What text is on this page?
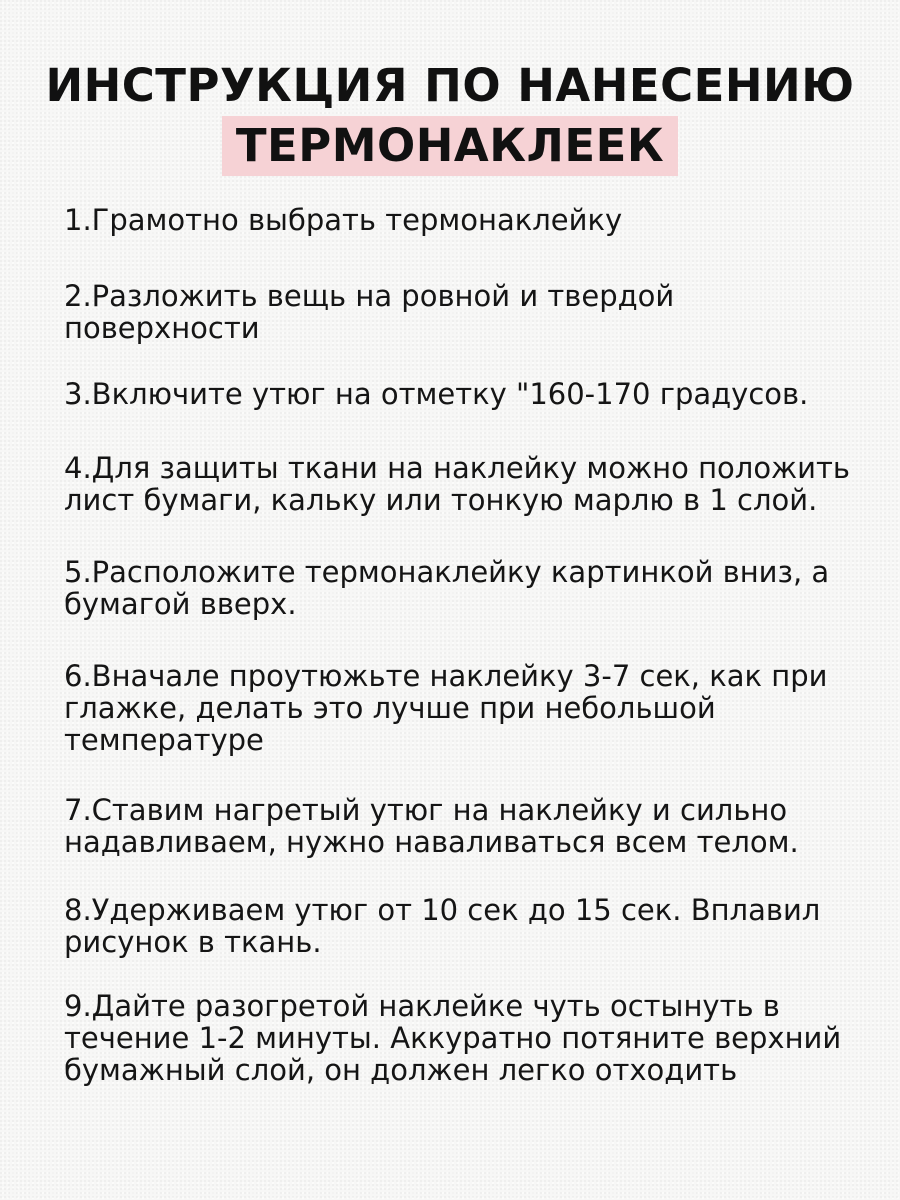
ИНСТРУКЦИЯ ПО НАНЕСЕНИЮ
ТЕРМОНАКЛЕЕК
1.Грамотно выбрать термонаклейку
2.Разложить вещь на ровной и твердой
поверхности
3.Включите утюг на отметку "160-170 градусов.
4.Для защиты ткани на наклейку можно положить
лист бумаги, кальку или тонкую марлю в 1 слой.
5.Расположите термонаклейку картинкой вниз, а
бумагой вверх.
6.Вначале проутюжьте наклейку 3-7 сек, как при
глажке, делать это лучше при небольшой
температуре
7.Ставим нагретый утюг на наклейку и сильно
надавливаем, нужно наваливаться всем телом.
8.Удерживаем утюг от 10 сек до 15 сек. Вплавил
рисунок в ткань.
9.Дайте разогретой наклейке чуть остынуть в
течение 1-2 минуты. Аккуратно потяните верхний
бумажный слой, он должен легко отходить
